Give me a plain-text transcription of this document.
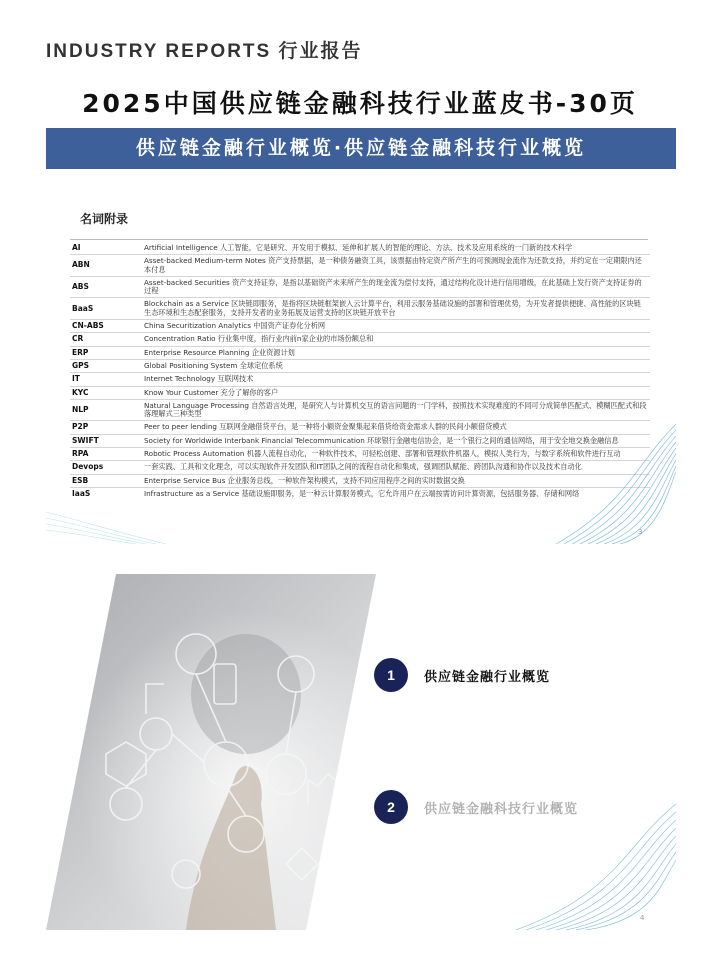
INDUSTRY REPORTS 行业报告
2025中国供应链金融科技行业蓝皮书-30页
供应链金融行业概览·供应链金融科技行业概览
名词附录
AI	Artificial Intelligence 人工智能，它是研究、开发用于模拟、延伸和扩展人的智能的理论、方法、技术及应用系统的一门新的技术科学
ABN	Asset-backed Medium-term Notes 资产支持票据，是一种债务融资工具，该票据由特定资产所产生的可预测现金流作为还款支持，并约定在一定期限内还本付息
ABS	Asset-backed Securities 资产支持证券，是指以基础资产未来所产生的现金流为偿付支持，通过结构化设计进行信用增级，在此基础上发行资产支持证券的过程
BaaS	Blockchain as a Service 区块链即服务，是指将区块链框架嵌入云计算平台，利用云服务基础设施的部署和管理优势，为开发者提供便捷、高性能的区块链生态环境和生态配套服务，支持开发者的业务拓展及运营支持的区块链开放平台
CN-ABS	China Securitization Analytics 中国资产证券化分析网
CR	Concentration Ratio 行业集中度，指行业内前n家企业的市场份额总和
ERP	Enterprise Resource Planning 企业资源计划
GPS	Global Positioning System 全球定位系统
IT	Internet Technology 互联网技术
KYC	Know Your Customer 充分了解你的客户
NLP	Natural Language Processing 自然语言处理，是研究人与计算机交互的语言问题的一门学科，按照技术实现难度的不同可分成简单匹配式、模糊匹配式和段落理解式三种类型
P2P	Peer to peer lending 互联网金融借贷平台，是一种将小额资金聚集起来借贷给资金需求人群的民间小额借贷模式
SWIFT	Society for Worldwide Interbank Financial Telecommunication 环球银行金融电信协会，是一个银行之间的通信网络，用于安全地交换金融信息
RPA	Robotic Process Automation 机器人流程自动化，一种软件技术，可轻松创建、部署和管理软件机器人，模拟人类行为，与数字系统和软件进行互动
Devops	一套实践、工具和文化理念，可以实现软件开发团队和IT团队之间的流程自动化和集成，强调团队赋能、跨团队沟通和协作以及技术自动化
ESB	Enterprise Service Bus 企业服务总线，一种软件架构模式，支持不同应用程序之间的实时数据交换
IaaS	Infrastructure as a Service 基础设施即服务，是一种云计算服务模式，它允许用户在云端按需访问计算资源，包括服务器、存储和网络
3
1	供应链金融行业概览
2	供应链金融科技行业概览
4
